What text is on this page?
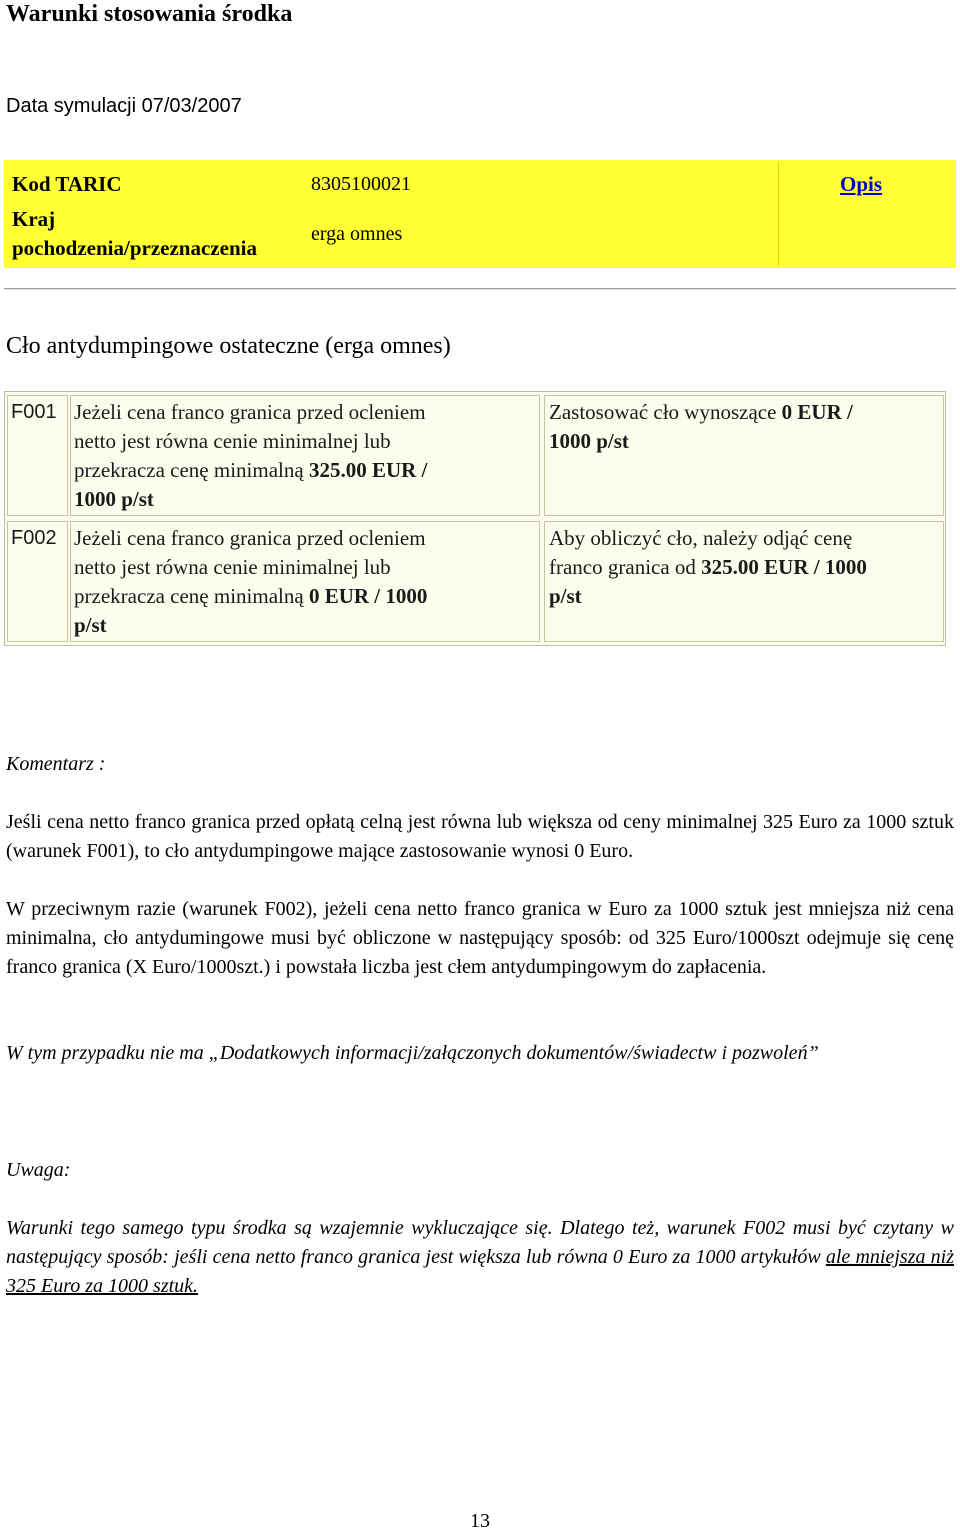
Warunki stosowania środka
Data symulacji 07/03/2007
Kod TARIC	8305100021	Opis
Kraj
pochodzenia/przeznaczenia
erga omnes
Cło antydumpingowe ostateczne (erga omnes)
F001 Jeżeli cena franco granica przed ocleniem
netto jest równa cenie minimalnej lub
przekracza cenę minimalną 325.00 EUR /
1000 p/st
Zastosować cło wynoszące 0 EUR /
1000 p/st
F002 Jeżeli cena franco granica przed ocleniem
netto jest równa cenie minimalnej lub
przekracza cenę minimalną 0 EUR / 1000
p/st
Aby obliczyć cło, należy odjąć cenę
franco granica od 325.00 EUR / 1000
p/st
Komentarz :
Jeśli cena netto franco granica przed opłatą celną jest równa lub większa od ceny minimalnej 325 Euro za 1000 sztuk (warunek F001), to cło antydumpingowe mające zastosowanie wynosi 0 Euro.
W przeciwnym razie (warunek F002), jeżeli cena netto franco granica w Euro za 1000 sztuk jest mniejsza niż cena minimalna, cło antydumingowe musi być obliczone w następujący sposób: od 325 Euro/1000szt odejmuje się cenę franco granica (X Euro/1000szt.) i powstała liczba jest cłem antydumpingowym do zapłacenia.
W tym przypadku nie ma „Dodatkowych informacji/załączonych dokumentów/świadectw i pozwoleń”
Uwaga:
Warunki tego samego typu środka są wzajemnie wykluczające się. Dlatego też, warunek F002 musi być czytany w następujący sposób: jeśli cena netto franco granica jest większa lub równa 0 Euro za 1000 artykułów ale mniejsza niż 325 Euro za 1000 sztuk.
13
